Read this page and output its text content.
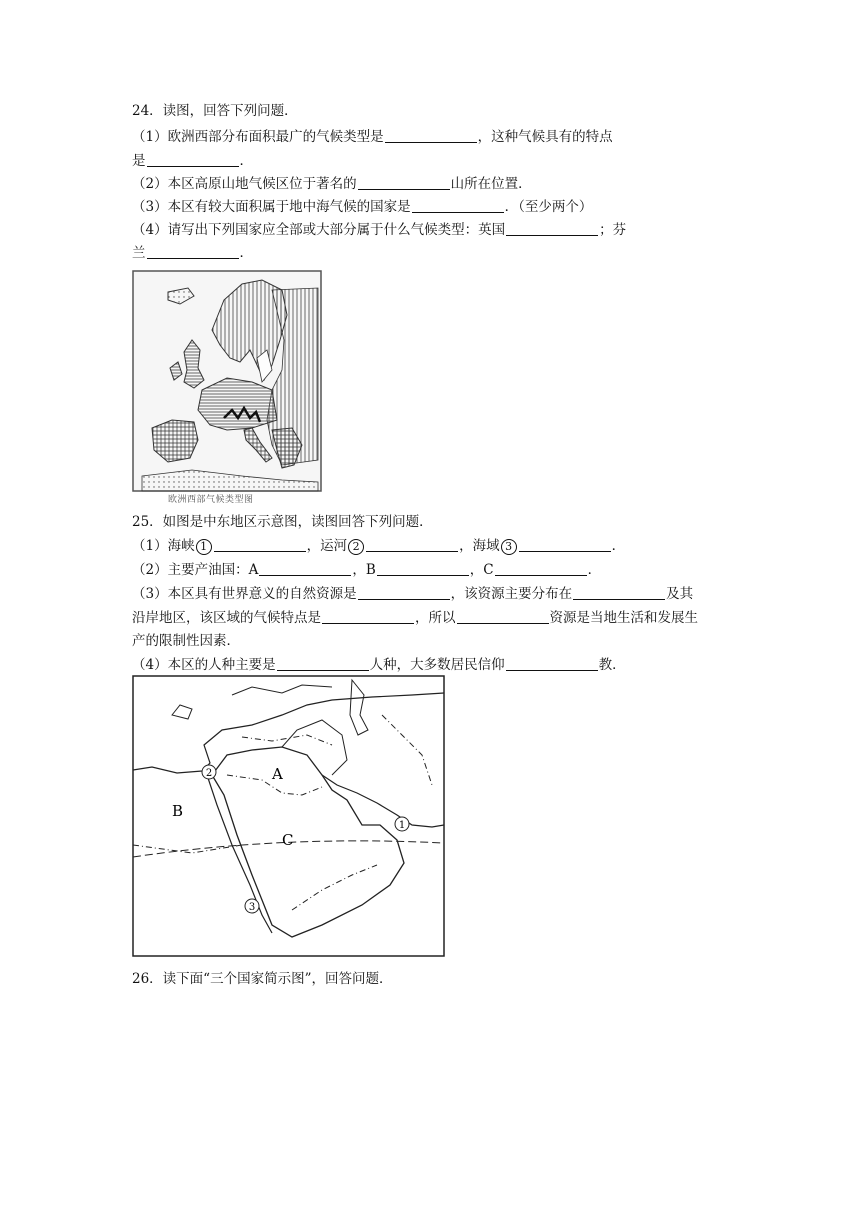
24．读图，回答下列问题．
（1）欧洲西部分布面积最广的气候类型是	，这种气候具有的特点
是	．
（2）本区高原山地气候区位于著名的	山所在位置．
（3）本区有较大面积属于地中海气候的国家是	．（至少两个）
（4）请写出下列国家应全部或大部分属于什么气候类型：英国	；芬
兰	．
欧洲西部气候类型图
25．如图是中东地区示意图，读图回答下列问题．
（1）海峡 1	，运河 2	，海域 3	．
（2）主要产油国：A	，B	，C	．
（3）本区具有世界意义的自然资源是	，该资源主要分布在	及其
沿岸地区，该区域的气候特点是	，所以	资源是当地生活和发展生
产的限制性因素．
（4）本区的人种主要是	人种，大多数居民信仰	教．
2
1
3
A
B
C
26．读下面“三个国家简示图”，回答问题．
